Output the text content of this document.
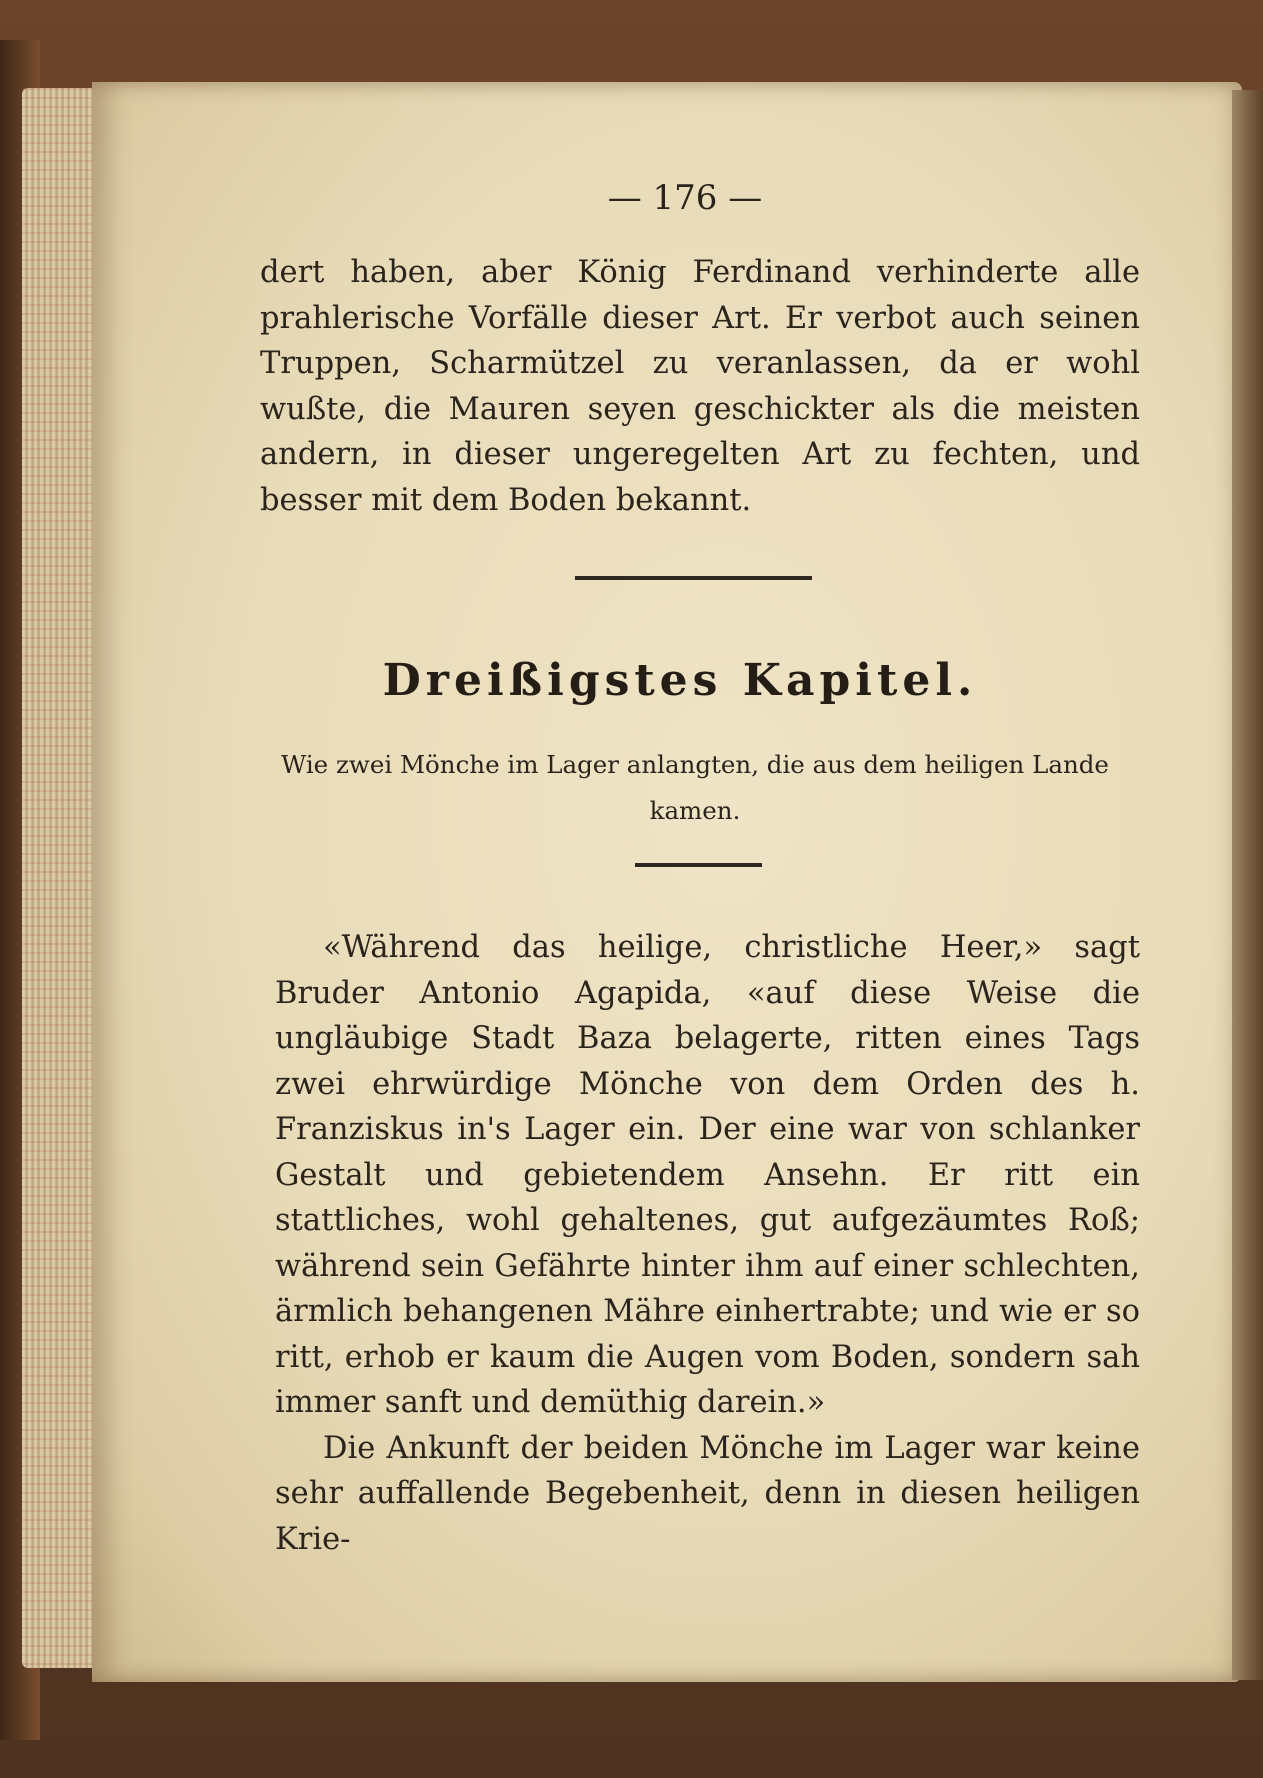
— 176 —

dert haben, aber König Ferdinand verhinderte alle prahlerische Vorfälle dieser Art. Er verbot auch seinen Truppen, Scharmützel zu veranlassen, da er wohl wußte, die Mauren seyen geschickter als die meisten andern, in dieser ungeregelten Art zu fechten, und besser mit dem Boden bekannt.

Dreißigstes Kapitel.
Wie zwei Mönche im Lager anlangten, die aus dem heiligen Lande kamen.

«Während das heilige, christliche Heer,» sagt Bruder Antonio Agapida, «auf diese Weise die ungläubige Stadt Baza belagerte, ritten eines Tags zwei ehrwürdige Mönche von dem Orden des h. Franziskus in's Lager ein. Der eine war von schlanker Gestalt und gebietendem Ansehn. Er ritt ein stattliches, wohl gehaltenes, gut aufgezäumtes Roß; während sein Gefährte hinter ihm auf einer schlechten, ärmlich behangenen Mähre einhertrabte; und wie er so ritt, erhob er kaum die Augen vom Boden, sondern sah immer sanft und demüthig darein.»

Die Ankunft der beiden Mönche im Lager war keine sehr auffallende Begebenheit, denn in diesen heiligen Krie-
